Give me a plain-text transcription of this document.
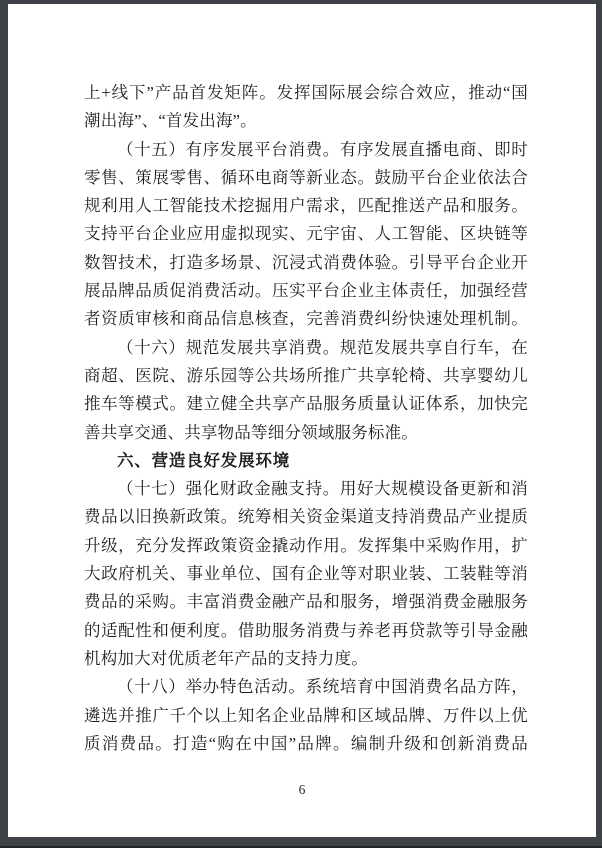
上+线下”产品首发矩阵。发挥国际展会综合效应，推动“国
潮出海”、“首发出海”。
（十五）有序发展平台消费。有序发展直播电商、即时
零售、策展零售、循环电商等新业态。鼓励平台企业依法合
规利用人工智能技术挖掘用户需求，匹配推送产品和服务。
支持平台企业应用虚拟现实、元宇宙、人工智能、区块链等
数智技术，打造多场景、沉浸式消费体验。引导平台企业开
展品牌品质促消费活动。压实平台企业主体责任，加强经营
者资质审核和商品信息核查，完善消费纠纷快速处理机制。
（十六）规范发展共享消费。规范发展共享自行车，在
商超、医院、游乐园等公共场所推广共享轮椅、共享婴幼儿
推车等模式。建立健全共享产品服务质量认证体系，加快完
善共享交通、共享物品等细分领域服务标准。
六、营造良好发展环境
（十七）强化财政金融支持。用好大规模设备更新和消
费品以旧换新政策。统筹相关资金渠道支持消费品产业提质
升级，充分发挥政策资金撬动作用。发挥集中采购作用，扩
大政府机关、事业单位、国有企业等对职业装、工装鞋等消
费品的采购。丰富消费金融产品和服务，增强消费金融服务
的适配性和便利度。借助服务消费与养老再贷款等引导金融
机构加大对优质老年产品的支持力度。
（十八）举办特色活动。系统培育中国消费名品方阵，
遴选并推广千个以上知名企业品牌和区域品牌、万件以上优
质消费品。打造“购在中国”品牌。编制升级和创新消费品
6
